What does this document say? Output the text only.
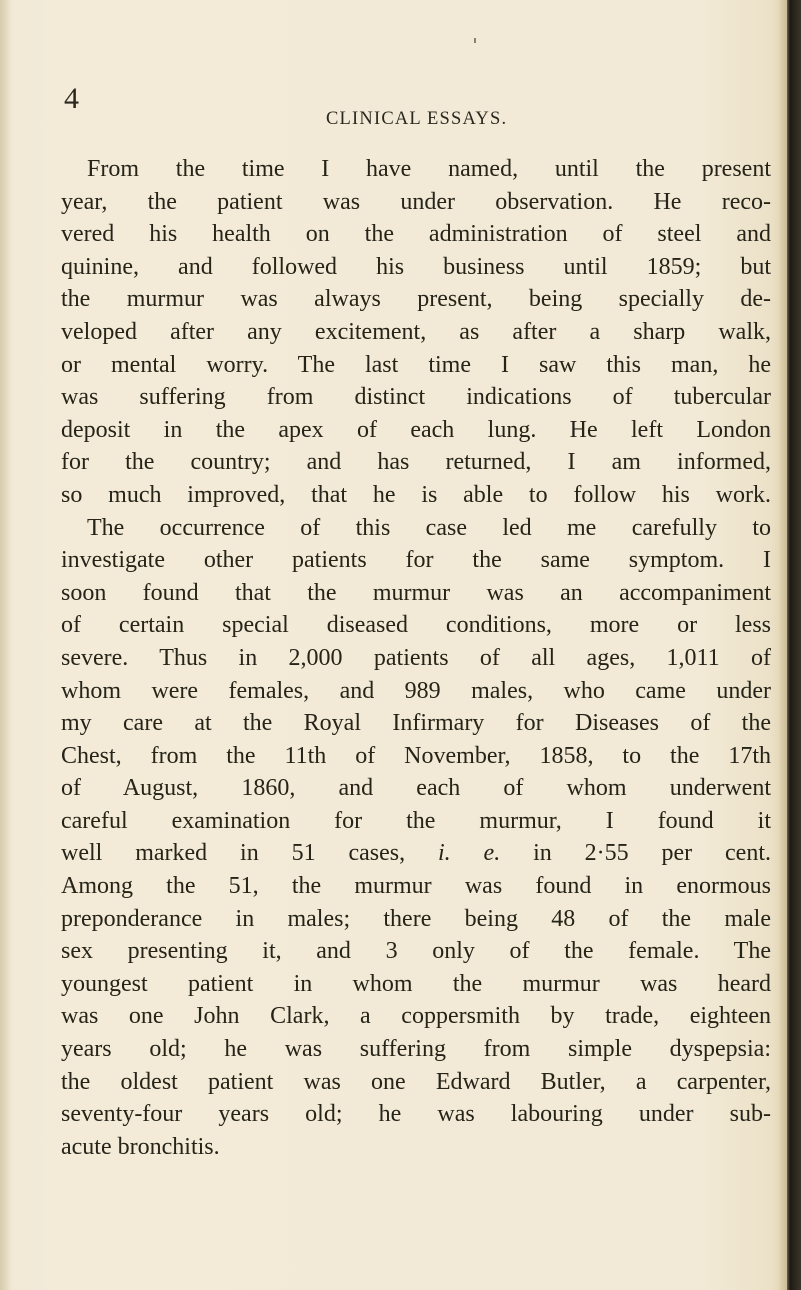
4
CLINICAL ESSAYS.
From the time I have named, until the present
year, the patient was under observation. He reco-
vered his health on the administration of steel and
quinine, and followed his business until 1859; but
the murmur was always present, being specially de-
veloped after any excitement, as after a sharp walk,
or mental worry. The last time I saw this man, he
was suffering from distinct indications of tubercular
deposit in the apex of each lung. He left London
for the country; and has returned, I am informed,
so much improved, that he is able to follow his work.
The occurrence of this case led me carefully to
investigate other patients for the same symptom. I
soon found that the murmur was an accompaniment
of certain special diseased conditions, more or less
severe. Thus in 2,000 patients of all ages, 1,011 of
whom were females, and 989 males, who came under
my care at the Royal Infirmary for Diseases of the
Chest, from the 11th of November, 1858, to the 17th
of August, 1860, and each of whom underwent
careful examination for the murmur, I found it
well marked in 51 cases, i. e. in 2·55 per cent.
Among the 51, the murmur was found in enormous
preponderance in males; there being 48 of the male
sex presenting it, and 3 only of the female. The
youngest patient in whom the murmur was heard
was one John Clark, a coppersmith by trade, eighteen
years old; he was suffering from simple dyspepsia:
the oldest patient was one Edward Butler, a carpenter,
seventy-four years old; he was labouring under sub-
acute bronchitis.
